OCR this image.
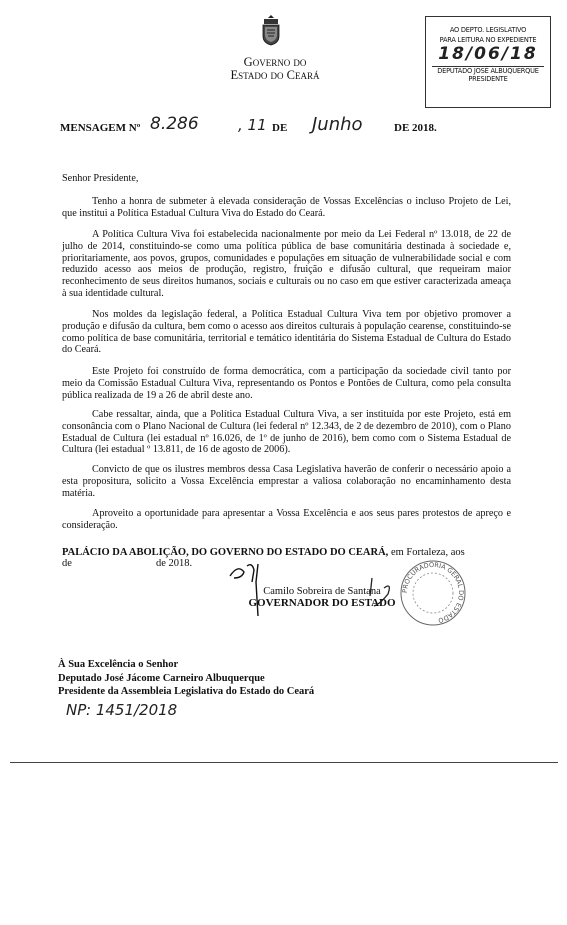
Governo do
Estado do Ceará
AO DEPTO. LEGISLATIVO
PARA LEITURA NO EXPEDIENTE
18/06/18
DEPUTADO JOSÉ ALBUQUERQUE
PRESIDENTE
MENSAGEM Nº 8.286	, 11 DE Junho	DE 2018.
Senhor Presidente,
Tenho a honra de submeter à elevada consideração de Vossas Excelências o incluso Projeto de Lei, que institui a Política Estadual Cultura Viva do Estado do Ceará.
A Política Cultura Viva foi estabelecida nacionalmente por meio da Lei Federal nº 13.018, de 22 de julho de 2014, constituindo-se como uma política pública de base comunitária destinada à sociedade e, prioritariamente, aos povos, grupos, comunidades e populações em situação de vulnerabilidade social e com reduzido acesso aos meios de produção, registro, fruição e difusão cultural, que requeiram maior reconhecimento de seus direitos humanos, sociais e culturais ou no caso em que estiver caracterizada ameaça à sua identidade cultural.
Nos moldes da legislação federal, a Política Estadual Cultura Viva tem por objetivo promover a produção e difusão da cultura, bem como o acesso aos direitos culturais à população cearense, constituindo-se como política de base comunitária, territorial e temático identitária do Sistema Estadual de Cultura do Estado do Ceará.
Este Projeto foi construído de forma democrática, com a participação da sociedade civil tanto por meio da Comissão Estadual Cultura Viva, representando os Pontos e Pontões de Cultura, como pela consulta pública realizada de 19 a 26 de abril deste ano.
Cabe ressaltar, ainda, que a Política Estadual Cultura Viva, a ser instituída por este Projeto, está em consonância com o Plano Nacional de Cultura (lei federal nº 12.343, de 2 de dezembro de 2010), com o Plano Estadual de Cultura (lei estadual nº 16.026, de 1º de junho de 2016), bem como com o Sistema Estadual de Cultura (lei estadual º 13.811, de 16 de agosto de 2006).
Convicto de que os ilustres membros dessa Casa Legislativa haverão de conferir o necessário apoio a esta propositura, solicito a Vossa Excelência emprestar a valiosa colaboração no encaminhamento desta matéria.
Aproveito a oportunidade para apresentar a Vossa Excelência e aos seus pares protestos de apreço e consideração.
PALÁCIO DA ABOLIÇÃO, DO GOVERNO DO ESTADO DO CEARÁ, em Fortaleza, aos
de	de 2018.
Camilo Sobreira de Santana
GOVERNADOR DO ESTADO
PROCURADORIA GERAL DO ESTADO
À Sua Excelência o Senhor
Deputado José Jácome Carneiro Albuquerque
Presidente da Assembleia Legislativa do Estado do Ceará
NP: 1451/2018
